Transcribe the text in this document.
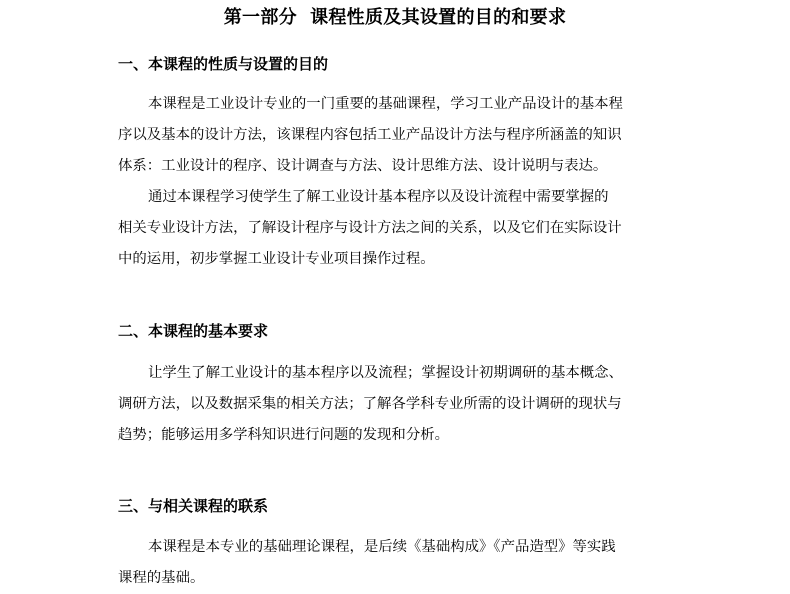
第一部分  课程性质及其设置的目的和要求
一、本课程的性质与设置的目的
本课程是工业设计专业的一门重要的基础课程，学习工业产品设计的基本程
序以及基本的设计方法，该课程内容包括工业产品设计方法与程序所涵盖的知识
体系：工业设计的程序、设计调查与方法、设计思维方法、设计说明与表达。
通过本课程学习使学生了解工业设计基本程序以及设计流程中需要掌握的
相关专业设计方法，了解设计程序与设计方法之间的关系，以及它们在实际设计
中的运用，初步掌握工业设计专业项目操作过程。
二、本课程的基本要求
让学生了解工业设计的基本程序以及流程；掌握设计初期调研的基本概念、
调研方法，以及数据采集的相关方法；了解各学科专业所需的设计调研的现状与
趋势；能够运用多学科知识进行问题的发现和分析。
三、与相关课程的联系
本课程是本专业的基础理论课程，是后续《基础构成》《产品造型》等实践
课程的基础。
